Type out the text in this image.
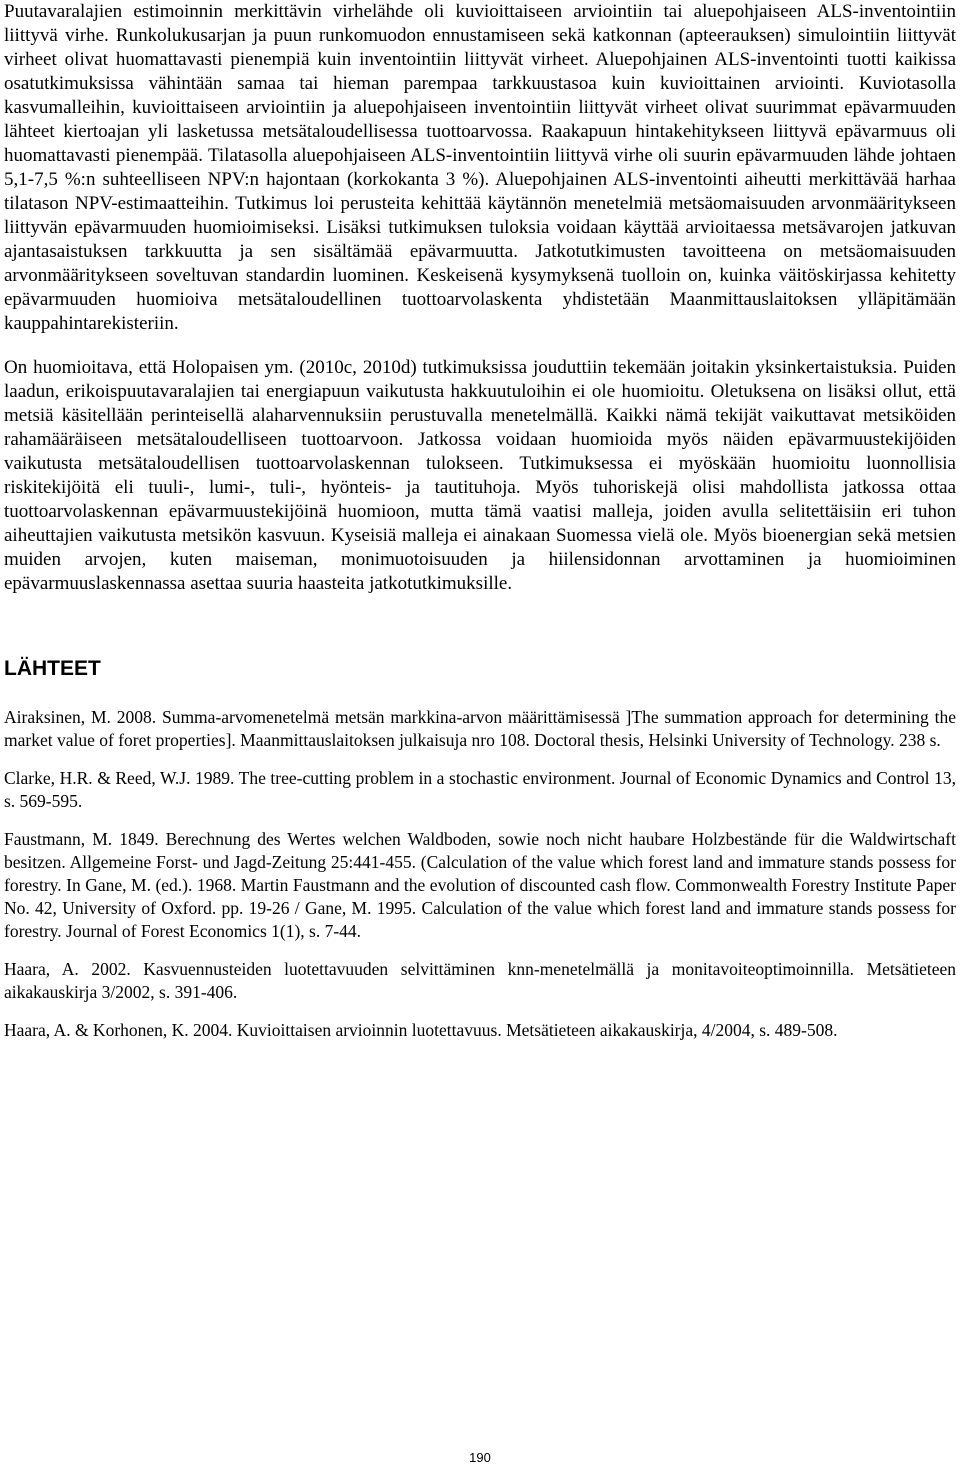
Puutavaralajien estimoinnin merkittävin virhelähde oli kuvioittaiseen arviointiin tai aluepohjaiseen ALS-inventointiin liittyvä virhe. Runkolukusarjan ja puun runkomuodon ennustamiseen sekä katkonnan (apteerauksen) simulointiin liittyvät virheet olivat huomattavasti pienempiä kuin inventointiin liittyvät virheet. Aluepohjainen ALS-inventointi tuotti kaikissa osatutkimuksissa vähintään samaa tai hieman parempaa tarkkuustasoa kuin kuvioittainen arviointi. Kuviotasolla kasvumalleihin, kuvioittaiseen arviointiin ja aluepohjaiseen inventointiin liittyvät virheet olivat suurimmat epävarmuuden lähteet kiertoajan yli lasketussa metsätaloudellisessa tuottoarvossa. Raakapuun hintakehitykseen liittyvä epävarmuus oli huomattavasti pienempää. Tilatasolla aluepohjaiseen ALS-inventointiin liittyvä virhe oli suurin epävarmuuden lähde johtaen 5,1-7,5 %:n suhteelliseen NPV:n hajontaan (korkokanta 3 %). Aluepohjainen ALS-inventointi aiheutti merkittävää harhaa tilatason NPV-estimaatteihin. Tutkimus loi perusteita kehittää käytännön menetelmiä metsäomaisuuden arvonmääritykseen liittyvän epävarmuuden huomioimiseksi. Lisäksi tutkimuksen tuloksia voidaan käyttää arvioitaessa metsävarojen jatkuvan ajantasaistuksen tarkkuutta ja sen sisältämää epävarmuutta. Jatkotutkimusten tavoitteena on metsäomaisuuden arvonmääritykseen soveltuvan standardin luominen. Keskeisenä kysymyksenä tuolloin on, kuinka väitöskirjassa kehitetty epävarmuuden huomioiva metsätaloudellinen tuottoarvolaskenta yhdistetään Maanmittauslaitoksen ylläpitämään kauppahintarekisteriin.

On huomioitava, että Holopaisen ym. (2010c, 2010d) tutkimuksissa jouduttiin tekemään joitakin yksinkertaistuksia. Puiden laadun, erikoispuutavaralajien tai energiapuun vaikutusta hakkuutuloihin ei ole huomioitu. Oletuksena on lisäksi ollut, että metsiä käsitellään perinteisellä alaharvennuksiin perustuvalla menetelmällä. Kaikki nämä tekijät vaikuttavat metsiköiden rahamääräiseen metsätaloudelliseen tuottoarvoon. Jatkossa voidaan huomioida myös näiden epävarmuustekijöiden vaikutusta metsätaloudellisen tuottoarvolaskennan tulokseen. Tutkimuksessa ei myöskään huomioitu luonnollisia riskitekijöitä eli tuuli-, lumi-, tuli-, hyönteis- ja tautituhoja. Myös tuhoriskejä olisi mahdollista jatkossa ottaa tuottoarvolaskennan epävarmuustekijöinä huomioon, mutta tämä vaatisi malleja, joiden avulla selitettäisiin eri tuhon aiheuttajien vaikutusta metsikön kasvuun. Kyseisiä malleja ei ainakaan Suomessa vielä ole. Myös bioenergian sekä metsien muiden arvojen, kuten maiseman, monimuotoisuuden ja hiilensidonnan arvottaminen ja huomioiminen epävarmuuslaskennassa asettaa suuria haasteita jatkotutkimuksille.

LÄHTEET

Airaksinen, M. 2008. Summa-arvomenetelmä metsän markkina-arvon määrittämisessä ]The summation approach for determining the market value of foret properties]. Maanmittauslaitoksen julkaisuja nro 108. Doctoral thesis, Helsinki University of Technology. 238 s.

Clarke, H.R. & Reed, W.J. 1989. The tree-cutting problem in a stochastic environment. Journal of Economic Dynamics and Control 13, s. 569-595.

Faustmann, M. 1849. Berechnung des Wertes welchen Waldboden, sowie noch nicht haubare Holzbestände für die Waldwirtschaft besitzen. Allgemeine Forst- und Jagd-Zeitung 25:441-455. (Calculation of the value which forest land and immature stands possess for forestry. In Gane, M. (ed.). 1968. Martin Faustmann and the evolution of discounted cash flow. Commonwealth Forestry Institute Paper No. 42, University of Oxford. pp. 19-26 / Gane, M. 1995. Calculation of the value which forest land and immature stands possess for forestry. Journal of Forest Economics 1(1), s. 7-44.

Haara, A. 2002. Kasvuennusteiden luotettavuuden selvittäminen knn-menetelmällä ja monitavoiteoptimoinnilla. Metsätieteen aikakauskirja 3/2002, s. 391-406.

Haara, A. & Korhonen, K. 2004. Kuvioittaisen arvioinnin luotettavuus. Metsätieteen aikakauskirja, 4/2004, s. 489-508.

190
